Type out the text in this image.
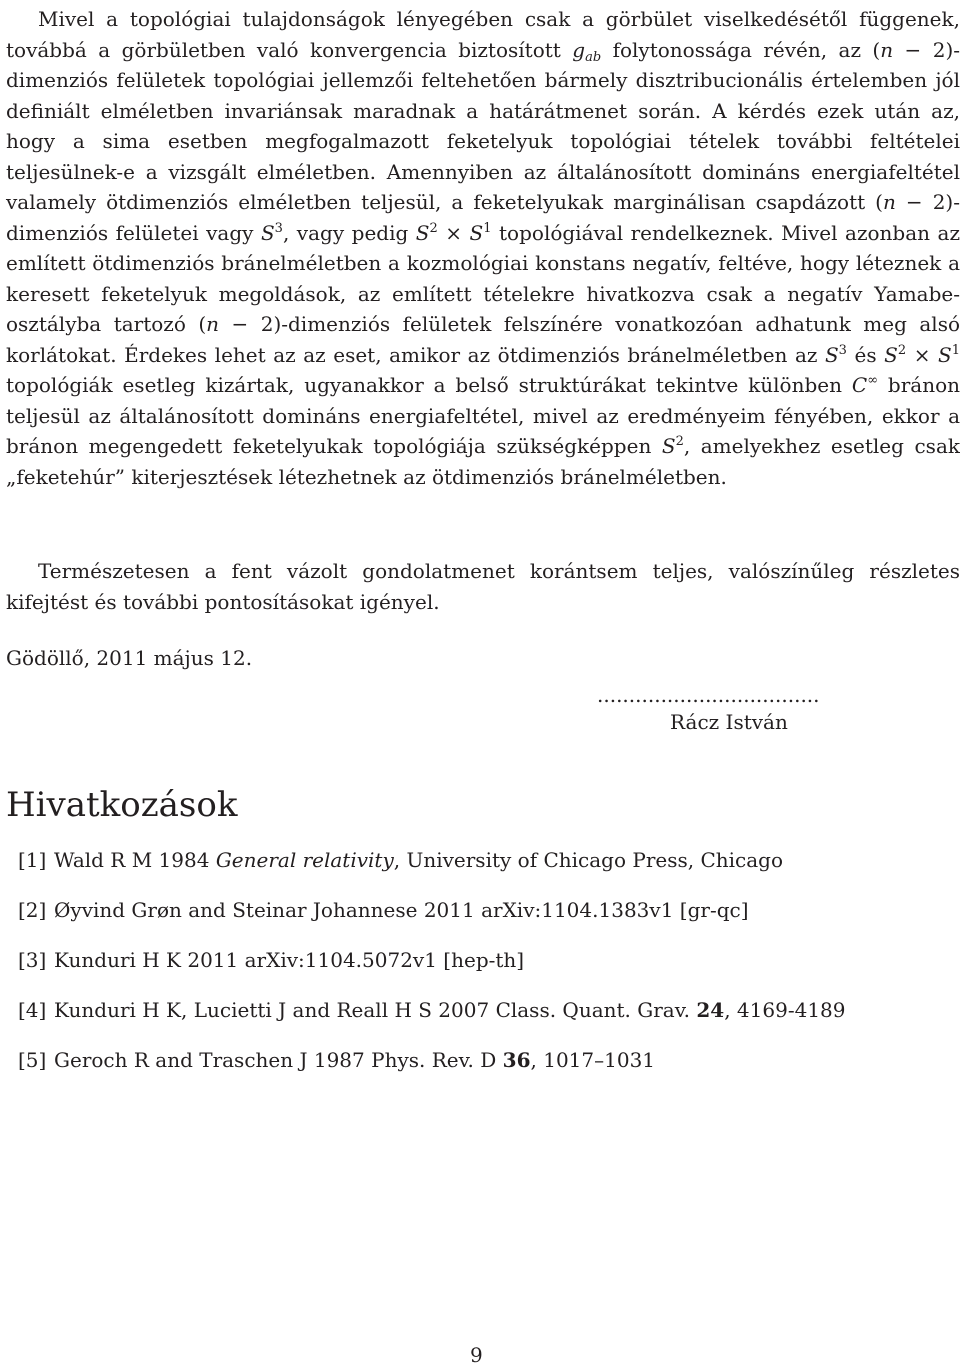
Mivel a topológiai tulajdonságok lényegében csak a görbület viselkedésétől függenek, továbbá a görbületben való konvergencia biztosított $g_{ab}$ folytonossága révén, az (n − 2)-dimenziós felületek topológiai jellemzői feltehetően bármely disztribucionális értelemben jól definiált elméletben invariánsak maradnak a határátmenet során. A kérdés ezek után az, hogy a sima esetben megfogalmazott feketelyuk topológiai tételek további feltételei teljesülnek-e a vizsgált elméletben. Amennyiben az általánosított domináns energiafeltétel valamely ötdimenziós elméletben teljesül, a feketelyukak marginálisan csapdázott (n − 2)-dimenziós felületei vagy $S^3$, vagy pedig $S^2 \times S^1$ topológiával rendelkeznek. Mivel azonban az említett ötdimenziós bránelméletben a kozmológiai konstans negatív, feltéve, hogy léteznek a keresett feketelyuk megoldások, az említett tételekre hivatkozva csak a negatív Yamabe-osztályba tartozó (n − 2)-dimenziós felületek felszínére vonatkozóan adhatunk meg alsó korlátokat. Érdekes lehet az az eset, amikor az ötdimenziós bránelméletben az $S^3$ és $S^2 \times S^1$ topológiák esetleg kizártak, ugyanakkor a belső struktúrákat tekintve különben C∞ bránon teljesül az általánosított domináns energiafeltétel, mivel az eredményeim fényében, ekkor a bránon megengedett feketelyukak topológiája szükségképpen $S^2$, amelyekhez esetleg csak „feketehúr” kiterjesztések létezhetnek az ötdimenziós bránelméletben.

Természetesen a fent vázolt gondolatmenet korántsem teljes, valószínűleg részletes kifejtést és további pontosításokat igényel.

Gödöllő, 2011 május 12.

...................................

Rácz István

Hivatkozások
[1] Wald R M 1984 General relativity, University of Chicago Press, Chicago
[2] Øyvind Grøn and Steinar Johannese 2011 arXiv:1104.1383v1 [gr-qc]
[3] Kunduri H K 2011 arXiv:1104.5072v1 [hep-th]
[4] Kunduri H K, Lucietti J and Reall H S 2007 Class. Quant. Grav. 24, 4169-4189
[5] Geroch R and Traschen J 1987 Phys. Rev. D 36, 1017–1031

9
